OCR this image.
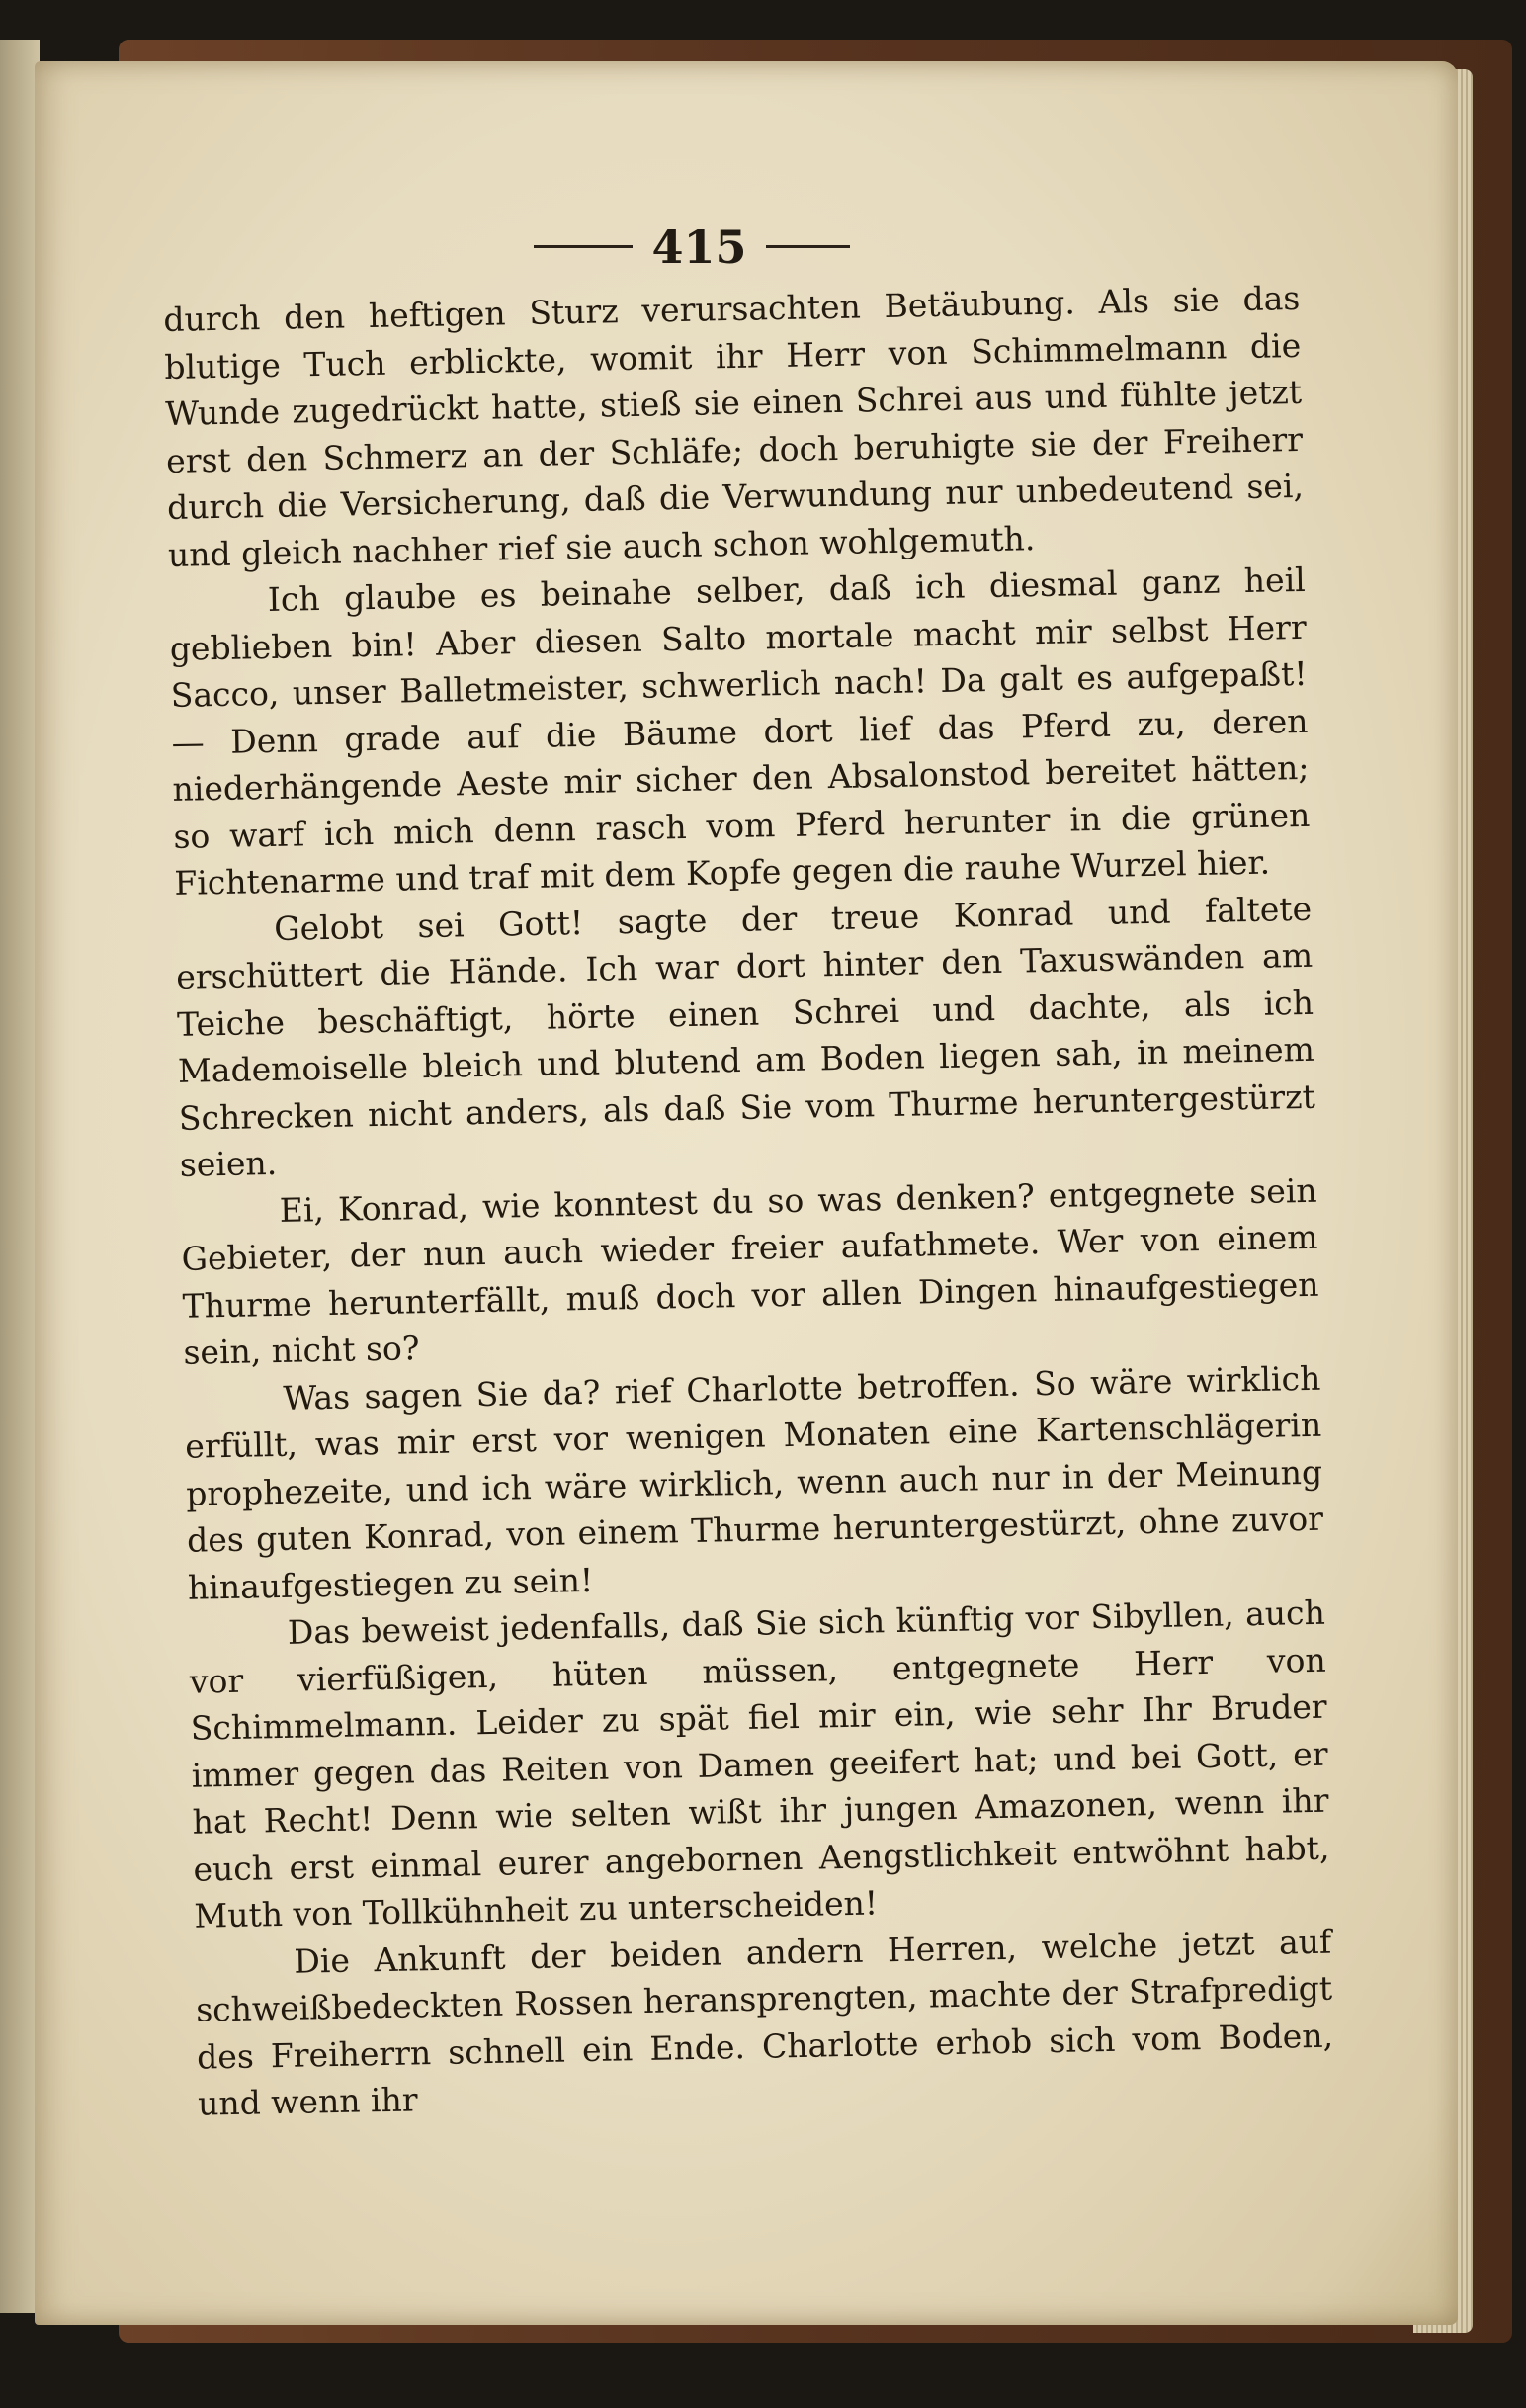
415

durch den heftigen Sturz verursachten Betäubung. Als sie das blutige Tuch erblickte, womit ihr Herr von Schimmelmann die Wunde zugedrückt hatte, stieß sie einen Schrei aus und fühlte jetzt erst den Schmerz an der Schläfe; doch beruhigte sie der Freiherr durch die Versicherung, daß die Verwundung nur unbedeutend sei, und gleich nachher rief sie auch schon wohlgemuth.

Ich glaube es beinahe selber, daß ich diesmal ganz heil geblieben bin! Aber diesen Salto mortale macht mir selbst Herr Sacco, unser Balletmeister, schwerlich nach! Da galt es aufgepaßt! — Denn grade auf die Bäume dort lief das Pferd zu, deren niederhängende Aeste mir sicher den Absalonstod bereitet hätten; so warf ich mich denn rasch vom Pferd herunter in die grünen Fichtenarme und traf mit dem Kopfe gegen die rauhe Wurzel hier.

Gelobt sei Gott! sagte der treue Konrad und faltete erschüttert die Hände. Ich war dort hinter den Taxuswänden am Teiche beschäftigt, hörte einen Schrei und dachte, als ich Mademoiselle bleich und blutend am Boden liegen sah, in meinem Schrecken nicht anders, als daß Sie vom Thurme heruntergestürzt seien.

Ei, Konrad, wie konntest du so was denken? entgegnete sein Gebieter, der nun auch wieder freier aufathmete. Wer von einem Thurme herunterfällt, muß doch vor allen Dingen hinaufgestiegen sein, nicht so?

Was sagen Sie da? rief Charlotte betroffen. So wäre wirklich erfüllt, was mir erst vor wenigen Monaten eine Kartenschlägerin prophezeite, und ich wäre wirklich, wenn auch nur in der Meinung des guten Konrad, von einem Thurme heruntergestürzt, ohne zuvor hinaufgestiegen zu sein!

Das beweist jedenfalls, daß Sie sich künftig vor Sibyllen, auch vor vierfüßigen, hüten müssen, entgegnete Herr von Schimmelmann. Leider zu spät fiel mir ein, wie sehr Ihr Bruder immer gegen das Reiten von Damen geeifert hat; und bei Gott, er hat Recht! Denn wie selten wißt ihr jungen Amazonen, wenn ihr euch erst einmal eurer angebornen Aengstlichkeit entwöhnt habt, Muth von Tollkühnheit zu unterscheiden!

Die Ankunft der beiden andern Herren, welche jetzt auf schweißbedeckten Rossen heransprengten, machte der Strafpredigt des Freiherrn schnell ein Ende. Charlotte erhob sich vom Boden, und wenn ihr
